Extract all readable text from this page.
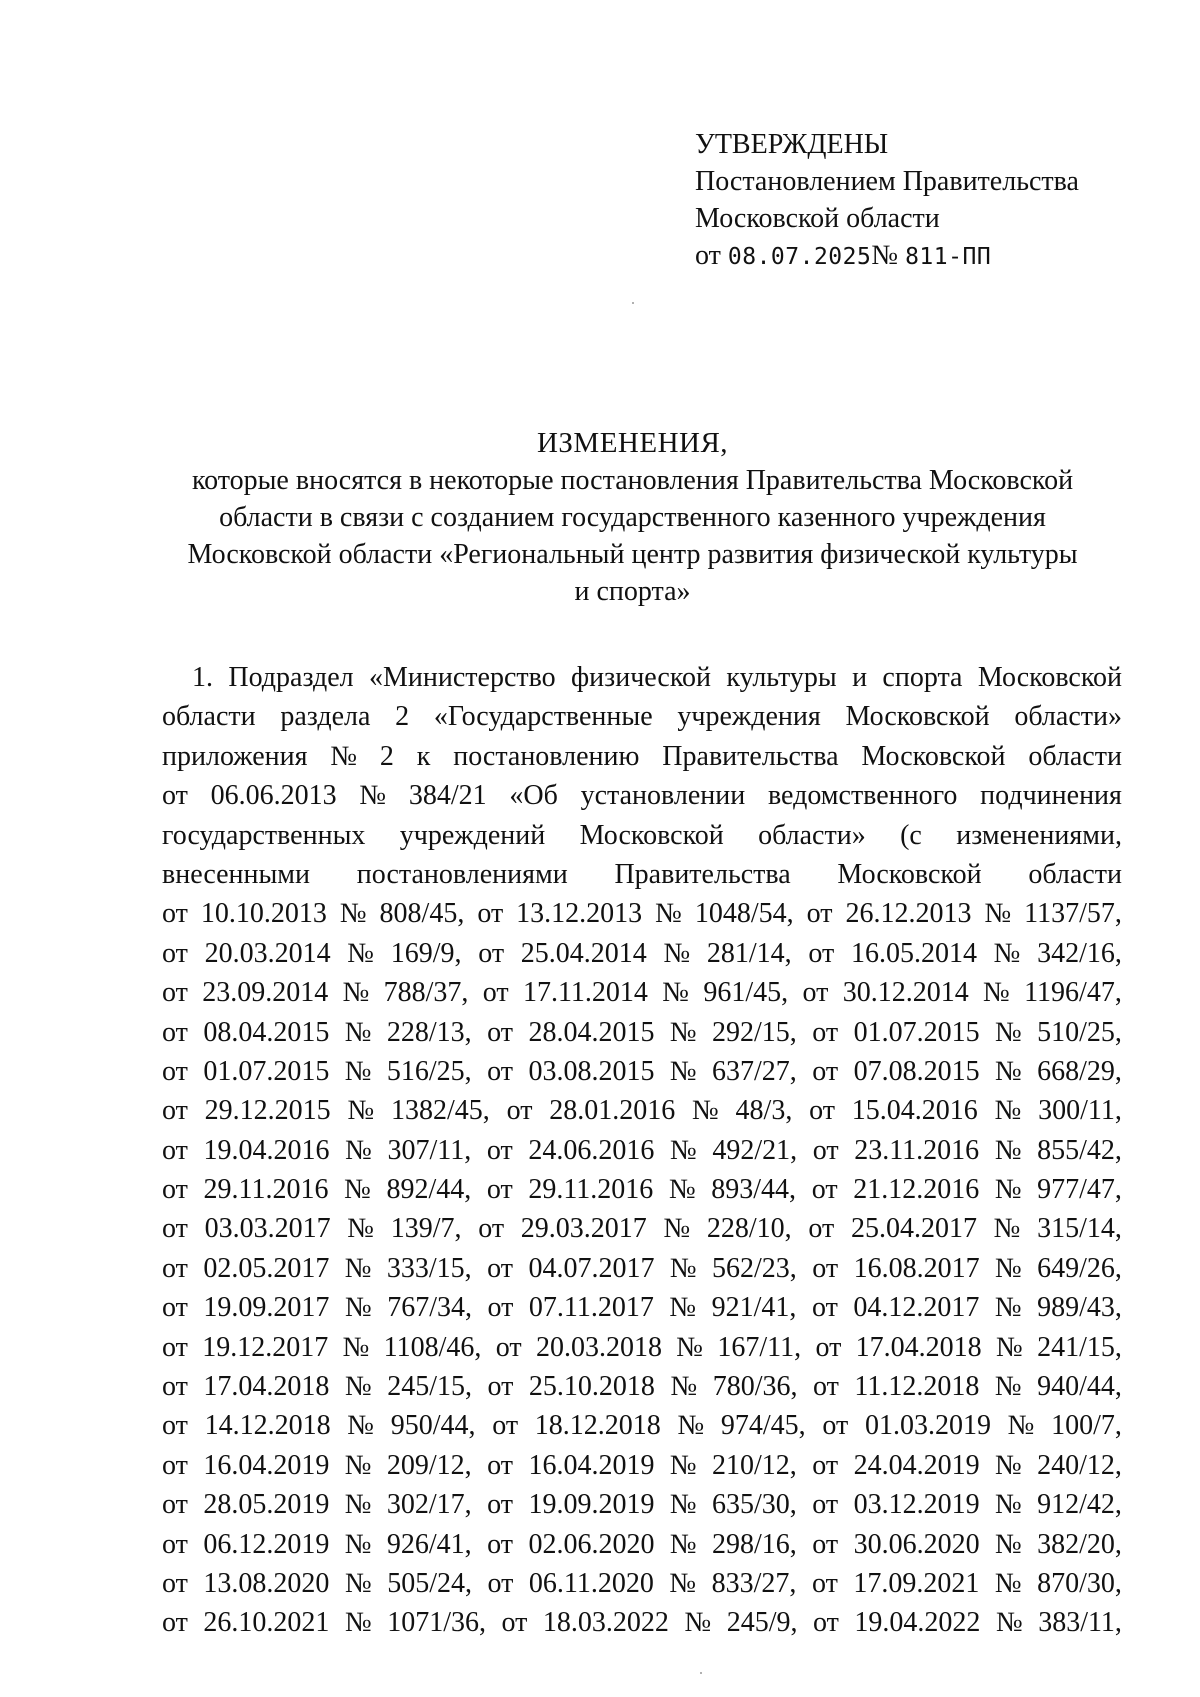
УТВЕРЖДЕНЫ
Постановлением Правительства
Московской области
от 08.07.2025№ 811-ПП
ИЗМЕНЕНИЯ,
которые вносятся в некоторые постановления Правительства Московской
области в связи с созданием государственного казенного учреждения
Московской области «Региональный центр развития физической культуры
и спорта»
1. Подраздел «Министерство физической культуры и спорта Московской
области раздела 2 «Государственные учреждения Московской области»
приложения № 2 к постановлению Правительства Московской области
от 06.06.2013 № 384/21 «Об установлении ведомственного подчинения
государственных учреждений Московской области» (с изменениями,
внесенными постановлениями Правительства Московской области
от 10.10.2013 № 808/45, от 13.12.2013 № 1048/54, от 26.12.2013 № 1137/57,
от 20.03.2014 № 169/9, от 25.04.2014 № 281/14, от 16.05.2014 № 342/16,
от 23.09.2014 № 788/37, от 17.11.2014 № 961/45, от 30.12.2014 № 1196/47,
от 08.04.2015 № 228/13, от 28.04.2015 № 292/15, от 01.07.2015 № 510/25,
от 01.07.2015 № 516/25, от 03.08.2015 № 637/27, от 07.08.2015 № 668/29,
от 29.12.2015 № 1382/45, от 28.01.2016 № 48/3, от 15.04.2016 № 300/11,
от 19.04.2016 № 307/11, от 24.06.2016 № 492/21, от 23.11.2016 № 855/42,
от 29.11.2016 № 892/44, от 29.11.2016 № 893/44, от 21.12.2016 № 977/47,
от 03.03.2017 № 139/7, от 29.03.2017 № 228/10, от 25.04.2017 № 315/14,
от 02.05.2017 № 333/15, от 04.07.2017 № 562/23, от 16.08.2017 № 649/26,
от 19.09.2017 № 767/34, от 07.11.2017 № 921/41, от 04.12.2017 № 989/43,
от 19.12.2017 № 1108/46, от 20.03.2018 № 167/11, от 17.04.2018 № 241/15,
от 17.04.2018 № 245/15, от 25.10.2018 № 780/36, от 11.12.2018 № 940/44,
от 14.12.2018 № 950/44, от 18.12.2018 № 974/45, от 01.03.2019 № 100/7,
от 16.04.2019 № 209/12, от 16.04.2019 № 210/12, от 24.04.2019 № 240/12,
от 28.05.2019 № 302/17, от 19.09.2019 № 635/30, от 03.12.2019 № 912/42,
от 06.12.2019 № 926/41, от 02.06.2020 № 298/16, от 30.06.2020 № 382/20,
от 13.08.2020 № 505/24, от 06.11.2020 № 833/27, от 17.09.2021 № 870/30,
от 26.10.2021 № 1071/36, от 18.03.2022 № 245/9, от 19.04.2022 № 383/11,
